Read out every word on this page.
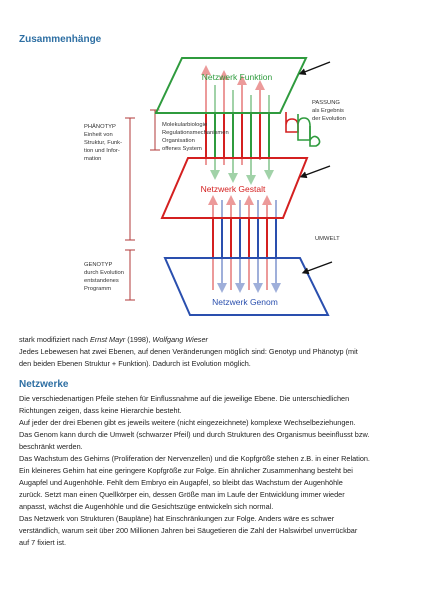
Zusammenhänge
Netzwerk Genom
Netzwerk Gestalt
Netzwerk Funktion
PHÄNOTYP Einheit von Struktur, Funk- tion und Infor- mation
Molekularbiologie Regulationsmechanismen Organisation offenes System
GENOTYP durch Evolution entstandenes Programm
PASSUNG als Ergebnis der Evolution
UMWELT
stark modifiziert nach Ernst Mayr (1998), Wolfgang Wieser
Jedes Lebewesen hat zwei Ebenen, auf denen Veränderungen möglich sind: Genotyp und Phänotyp (mit
den beiden Ebenen Struktur + Funktion). Dadurch ist Evolution möglich.
Netzwerke
Die verschiedenartigen Pfeile stehen für Einflussnahme auf die jeweilige Ebene. Die unterschiedlichen
Richtungen zeigen, dass keine Hierarchie besteht.
Auf jeder der drei Ebenen gibt es jeweils weitere (nicht eingezeichnete) komplexe Wechselbeziehungen.
Das Genom kann durch die Umwelt (schwarzer Pfeil) und durch Strukturen des Organismus beeinflusst bzw.
beschränkt werden.
Das Wachstum des Gehirns (Proliferation der Nervenzellen) und die Kopfgröße stehen z.B. in einer Relation.
Ein kleineres Gehirn hat eine geringere Kopfgröße zur Folge. Ein ähnlicher Zusammenhang besteht bei
Augapfel und Augenhöhle. Fehlt dem Embryo ein Augapfel, so bleibt das Wachstum der Augenhöhle
zurück. Setzt man einen Quellkörper ein, dessen Größe man im Laufe der Entwicklung immer wieder
anpasst, wächst die Augenhöhle und die Gesichtszüge entwickeln sich normal.
Das Netzwerk von Strukturen (Baupläne) hat Einschränkungen zur Folge. Anders wäre es schwer
verständlich, warum seit über 200 Millionen Jahren bei Säugetieren die Zahl der Halswirbel unverrückbar
auf 7 fixiert ist.
